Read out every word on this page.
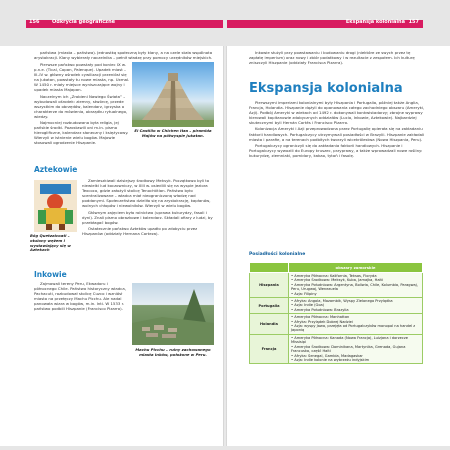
156	Odkrycia geograficzne	Ekspansja kolonialna 157

państwa (miasta – państwa). Jednostką społeczną były klany, a na czele stała wspólnota arystokracji. Klany wybierały naczelnika – pełnił władzę przy pomocy urzędników miejskich.

Pierwsze państwo powstały pod koniec IX w. p.n.e. (Tical, Copan, Palenque). Upadek miast – III–IV w. główny ośrodek cywilizacji przeniósł się na Jukatan, powstały tu nowe miasta, np. Uxmal. W 1450 r. miały miejsce wyniszczające wojny i upadek miasta Majapan.

Naczelnym ich „Zrobieni Nawiego Świata” – wybudowali ośrodek: ziemny, stwórcę, przede wszystkim do obrzędów, kalendarz, igrzyska o charakterze do mówienia, obrządku rytualnego, wiedzy.

Najmocniej rozbudowana była religia, jej pańskie środki. Pozostawili oni m.in. pismo hieroglificzne, kalendarz słoneczny i księżycowy. Wierzyli w istnienie wielu bogów. Majowie stosowali ogrodzenie Hiszpanie.

El Castillo w Chichen Itza – piramida Majów na półwyspie Jukatan.
Aztekowie
Bóg Quetzalcoatl – otulony wężem i wystawiający się w Aztekach

Zamieszkiwali dzisiejszy środkowy Meksyk. Początkowo byli to niewielki lud koczowniczy, w XIII w. osiedlili się na wyspie jeziora Texcoco, gdzie założyli stolicę Tenochtitlan. Państwo było scentralizowane – władca miał nieograniczoną władzę nad poddanymi. Społeczeństwo dzieliło się na arystokrację, kapłanów, wolnych chłopów i niewolników. Wierzyli w wielu bogów.

Głównym zajęciem było rolnictwo (uprawa kukurydzy, fasoli i dyni). Znali pismo obrazkowe i kalendarz. Składali ofiary z ludzi, by przebłagać bogów.

Ostatecznie państwo Azteków upadło po zdobyciu przez Hiszpanów (oddziały Hernana Corteza).

Inkowie

Zajmowali tereny Peru, Ekwadoru i północnego Chile. Państwo historyczny władca, Pachacuti, rozbudował stolicę Cuzco i wzniósł miasto na przełęczy Machu Picchu. Ale nadal panowała wiara w bogów, m.in. Inti. W 1533 r. państwo podbili Hiszpanie (Francisco Pizarro).

Machu Picchu – ruiny zachowanego miasta Inków, położone w Peru.

Inkowie służyli przy powstawaniu i budowaniu drogi (niektóre ze swych przez tę zapłatę imperium) oraz nowy i zbiór podatkowy i w rezultacie z zespołem. Ich kulturę zniszczyli Hiszpanie (oddziały Francisca Pizarra).

Ekspansja kolonialna

Pierwszymi imperiami kolonialnymi były Hiszpania i Portugalia, później także Anglia, Francja, Holandia. Hiszpanie dążyli do opanowania całego zachodniego obszaru (Ameryki, Azji). Podbój Ameryki w wiekach od 1492 r. dokonywali konkwistadorzy; zbrojne wyprawy kierowali kapitanowie zdobycznych oddziałów (Lucio, Inkowie, Aztekowie). Najbardziej skutecznymi byli Hernán Cortés i Francisco Pizarro.

Kolonizacja Ameryki i Azji przeprowadzona przez Portugalię opierała się na zakładaniu faktorii handlowych. Portugalczycy utrzymywali posiadłości w Brazylii. Hiszpanie zakładali miasta i parafie, a na terenach podbitych tworzyli wicekrólestwa (Nowa Hiszpania, Peru).

Portugalczycy ograniczyli się do zakładania faktorii handlowych. Hiszpanie i Portugalczycy wywozili do Europy kruszec, przyprawy, a także wprowadzali nowe rośliny: kukurydzę, ziemniaki, pomidory, kakao, tytoń i fasolę.

Posiadłości kolonialne
	obszary zamorskie
Hiszpania	• Ameryka Północna: Kalifornia, Teksas, Floryda
• Ameryka Środkowa: Meksyk, Kuba, Jamajka, Haiti
• Ameryka Południowa: Argentyna, Boliwia, Chile, Kolumbia, Paragwaj, Peru, Urugwaj, Wenezuela
• Azja: Filipiny

Portugalia	• Afryka: Angola, Mozambik, Wyspy Zielonego Przylądka
• Azja: Indie (Goa)
• Ameryka Południowa: Brazylia

Holandia	• Ameryka Północna: Manhattan
• Afryka: Przylądek Dobrej Nadziei
• Azja: wyspy Jawa, przejęła od Portugalczyków monopol na handel z Japonią

Francja	• Ameryka Północna: Kanada (Nowa Francja), Luizjana i dorzecze Missisipi
• Ameryka Środkowa: Dominikana, Martynika, Grenada, Gujana Francuska, część Haiti
• Afryka: Senegal, Gambia, Madagaskar
• Azja: Indie kolonie na wybrzeżu indyjskim
